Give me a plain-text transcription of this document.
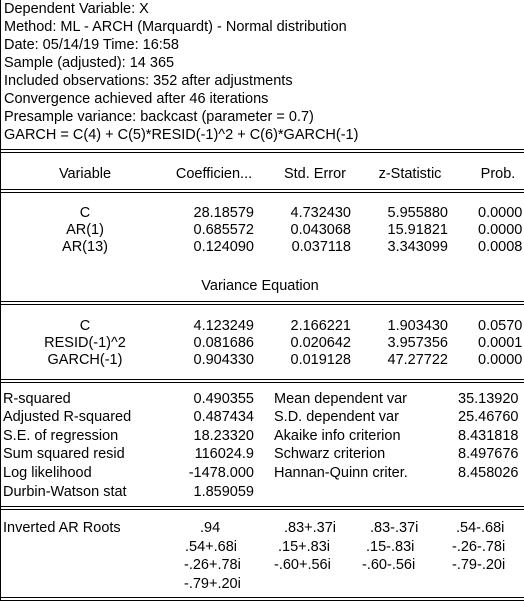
Dependent Variable: X
Method: ML - ARCH (Marquardt) - Normal distribution
Date: 05/14/19 Time: 16:58
Sample (adjusted): 14 365
Included observations: 352 after adjustments
Convergence achieved after 46 iterations
Presample variance: backcast (parameter = 0.7)
GARCH = C(4) + C(5)*RESID(-1)^2 + C(6)*GARCH(-1)
Variable	Coefficien...	Std. Error	z-Statistic	Prob.
C	28.18579	4.732430	5.955880 0.0000
AR(1)	0.685572	0.043068	15.91821 0.0000
AR(13)	0.124090	0.037118	3.343099 0.0008
Variance Equation
C	4.123249	2.166221	1.903430 0.0570
RESID(-1)^2	0.081686	0.020642	3.957356 0.0001
GARCH(-1)	0.904330	0.019128	47.27722 0.0000
R-squared	0.490355 Mean dependent var	35.13920
Adjusted R-squared	0.487434 S.D. dependent var	25.46760
S.E. of regression	18.23320 Akaike info criterion	8.431818
Sum squared resid	116024.9 Schwarz criterion	8.497676
Log likelihood	-1478.000 Hannan-Quinn criter.	8.458026
Durbin-Watson stat	1.859059
Inverted AR Roots	.94	.83+.37i .83-.37i	.54-.68i
.54+.68i	.15+.83i .15-.83i	-.26-.78i
-.26+.78i -.60+.56i -.60-.56i	-.79-.20i
-.79+.20i
